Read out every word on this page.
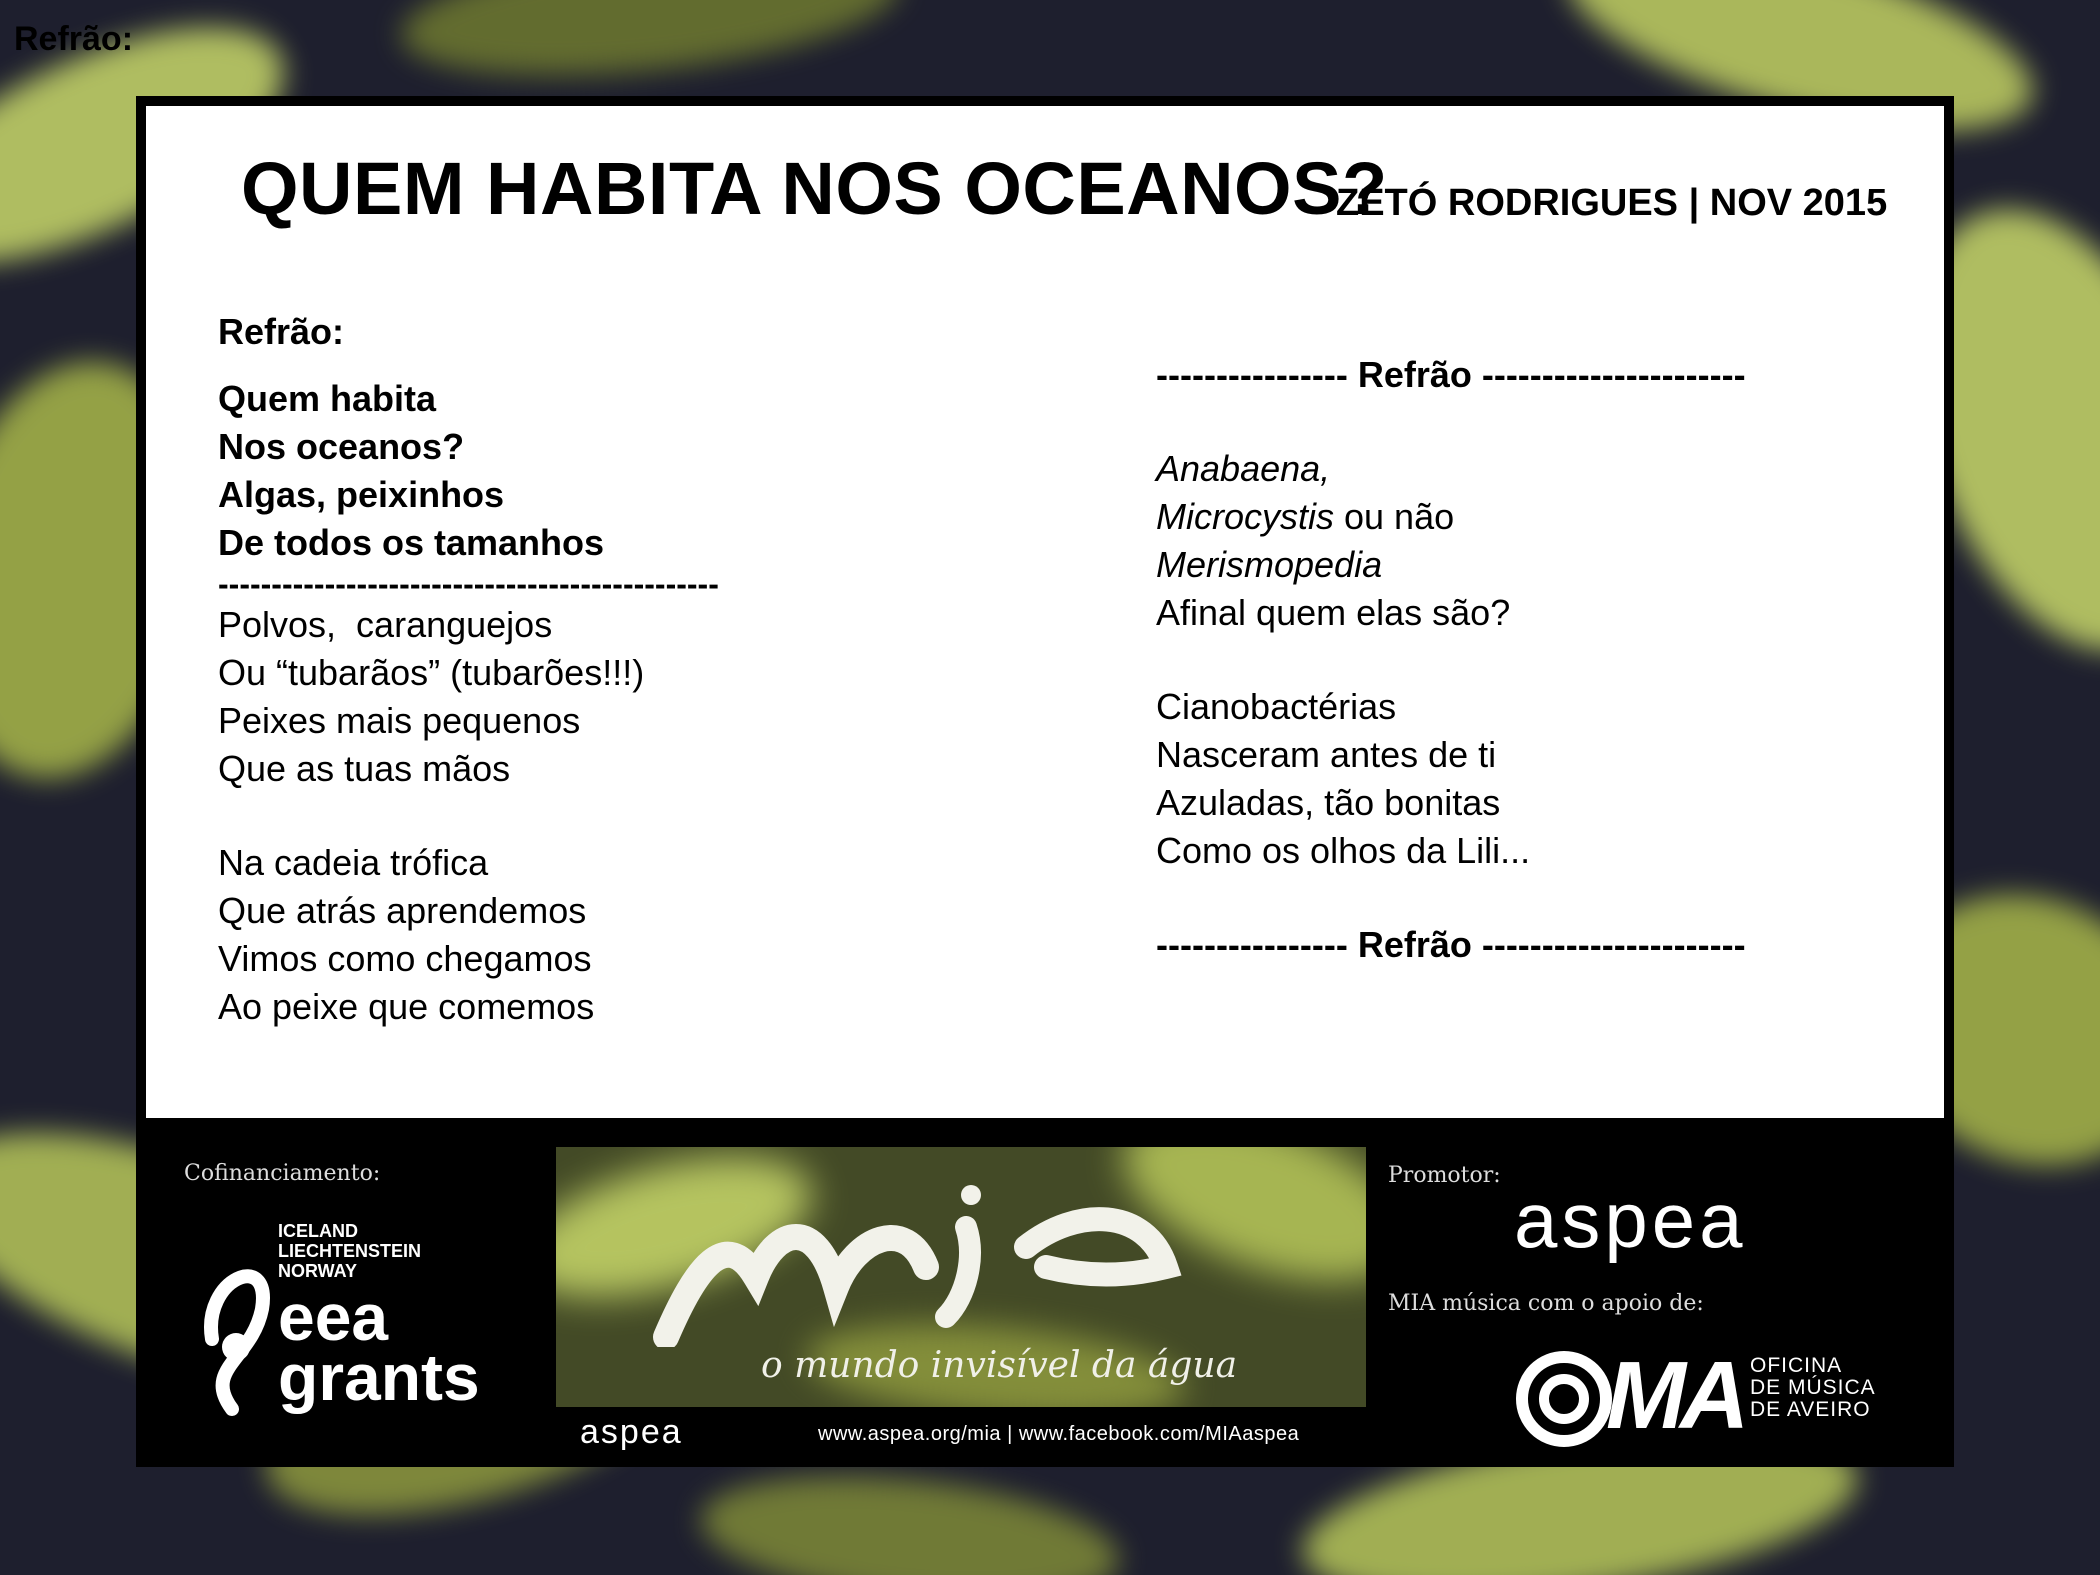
Refrão:
QUEM HABITA NOS OCEANOS?
ZÉTÓ RODRIGUES | NOV 2015
Refrão:
Quem habita
Nos oceanos?
Algas, peixinhos
De todos os tamanhos
-----------------------------------------------
Polvos,  caranguejos
Ou “tubarãos” (tubarões!!!)
Peixes mais pequenos
Que as tuas mãos
Na cadeia trófica
Que atrás aprendemos
Vimos como chegamos
Ao peixe que comemos
---------------- Refrão ----------------------
Anabaena,
Microcystis ou não
Merismopedia
Afinal quem elas são?
Cianobactérias
Nasceram antes de ti
Azuladas, tão bonitas
Como os olhos da Lili...
---------------- Refrão ----------------------
Cofinanciamento:
ICELAND
LIECHTENSTEIN
NORWAY
eea
grants	o mundo invisível da água
aspea	www.aspea.org/mia | www.facebook.com/MIAaspea
Promotor:
aspea
MIA música com o apoio de:
MA OFICINA
DE MÚSICA
DE AVEIRO
